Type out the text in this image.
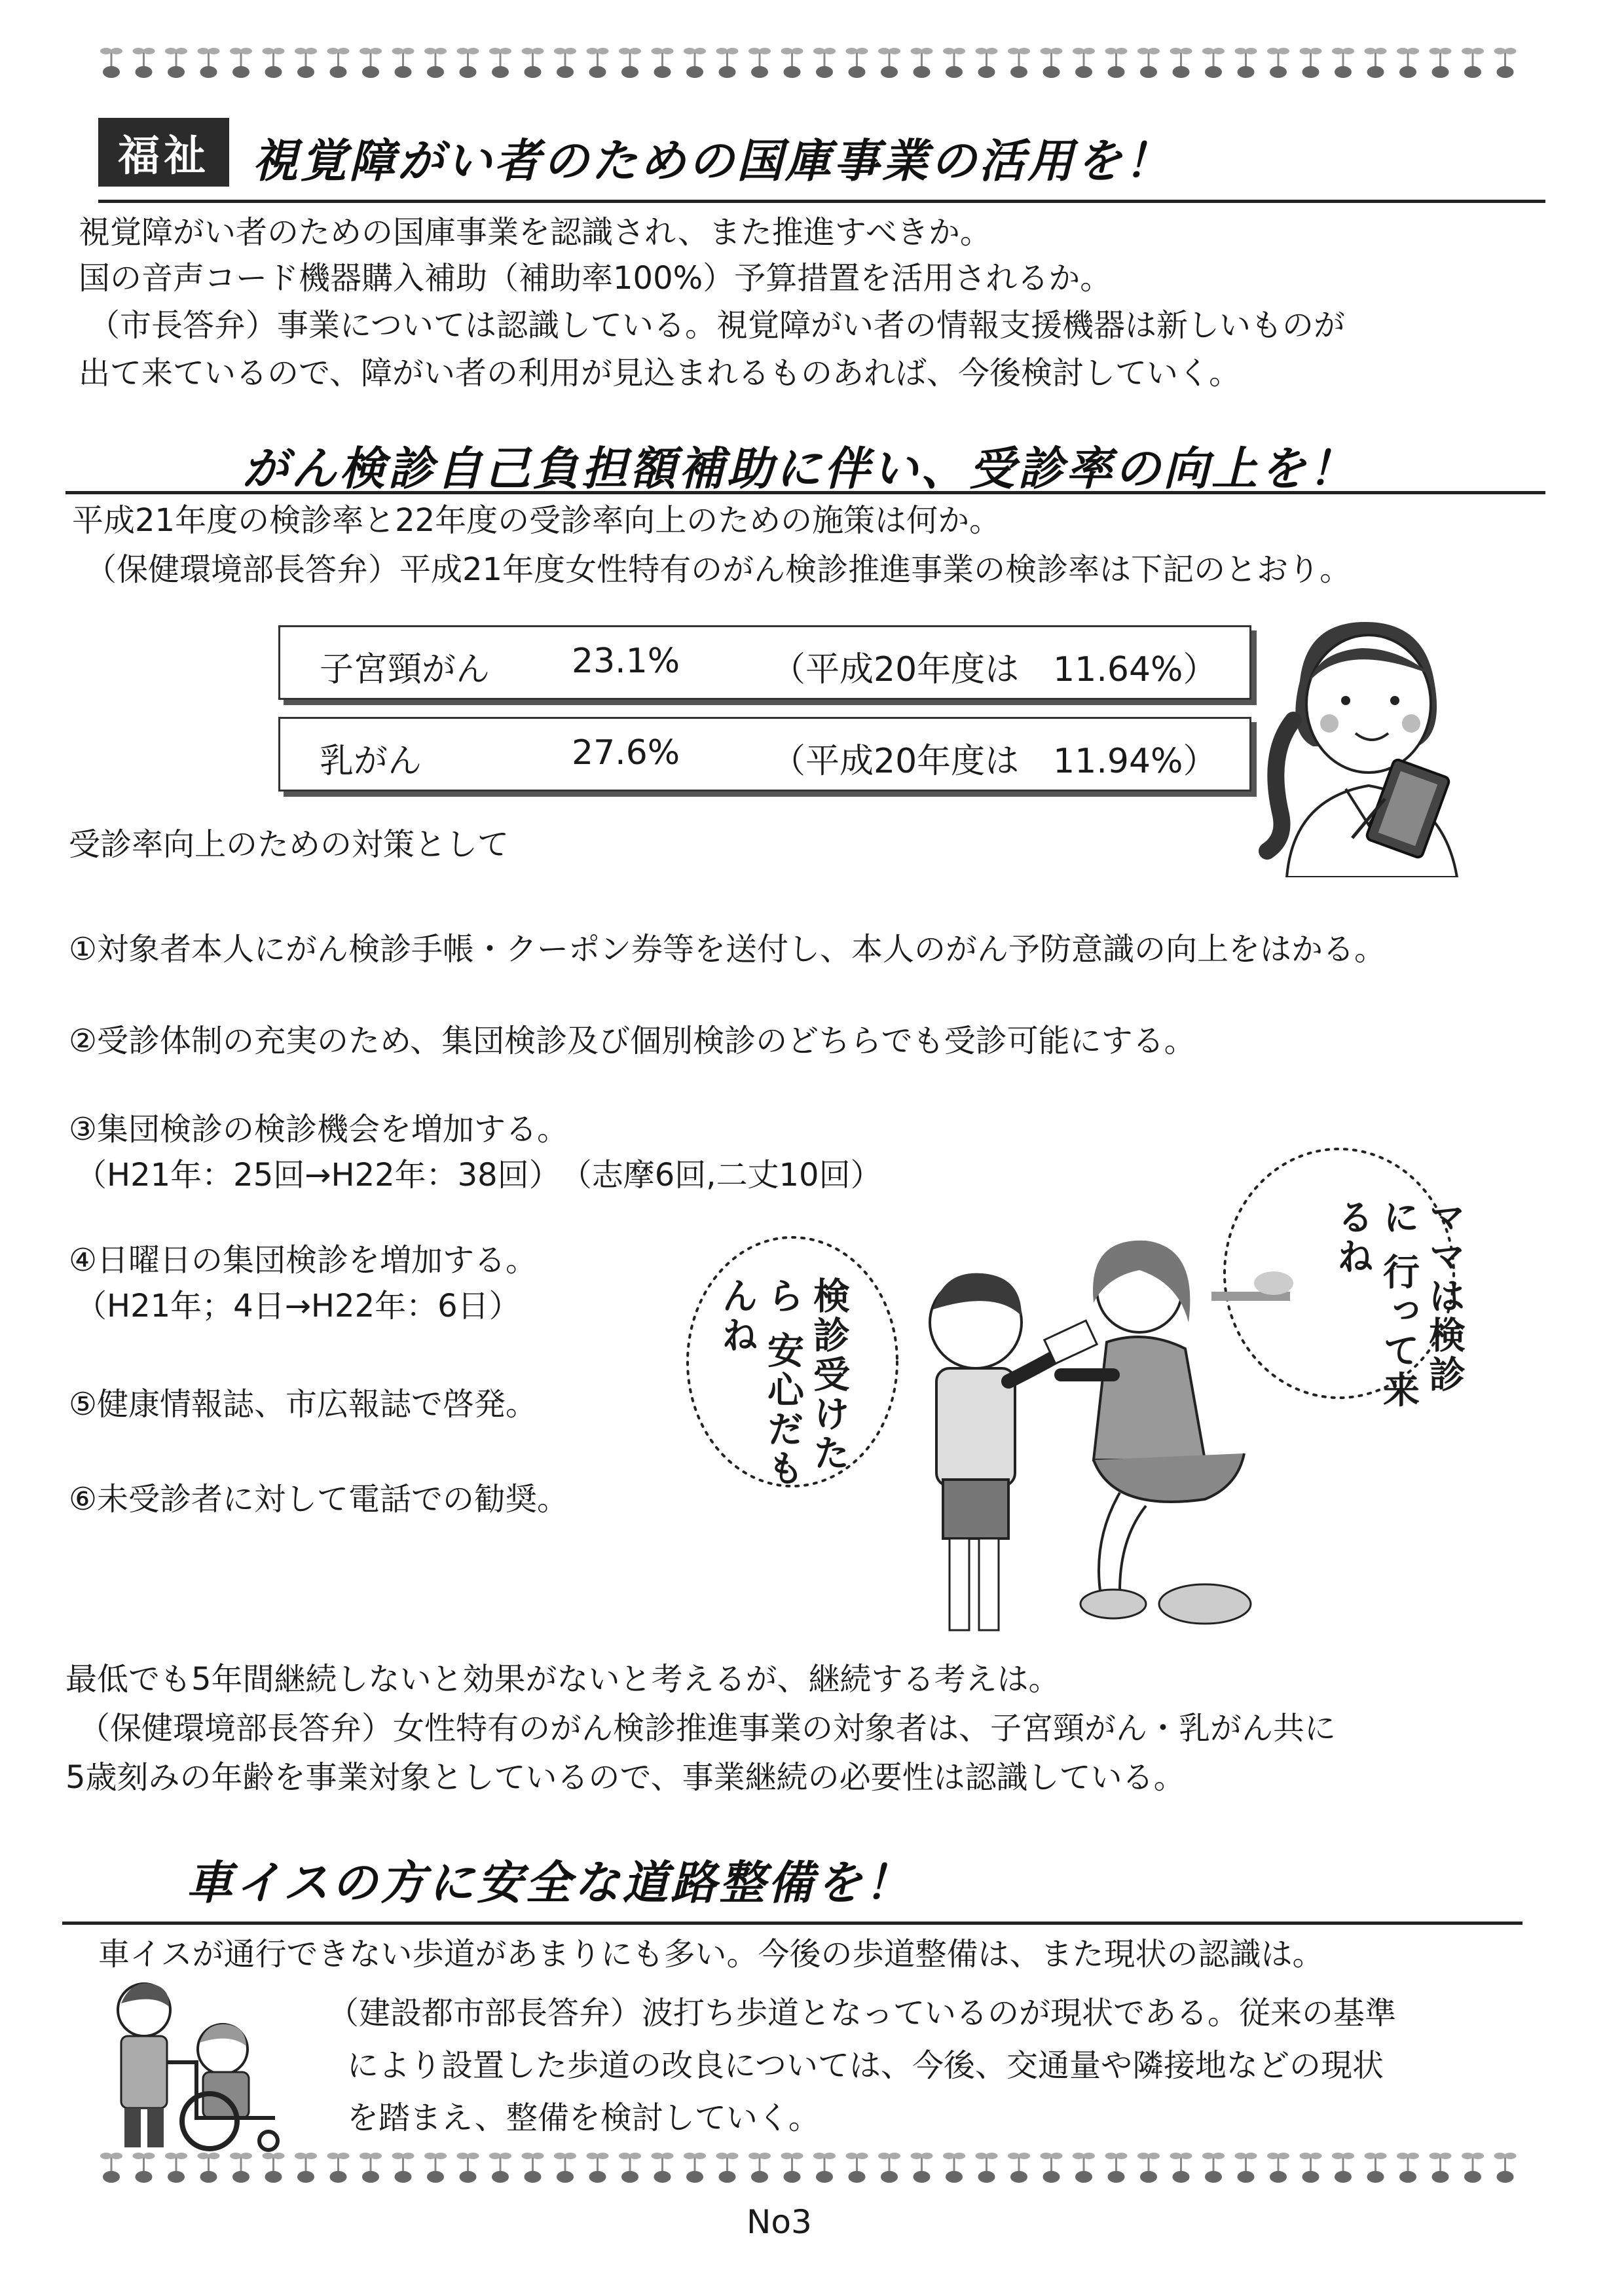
福祉 視覚障がい者のための国庫事業の活用を！
視覚障がい者のための国庫事業を認識され、また推進すべきか。
国の音声コード機器購入補助（補助率100%）予算措置を活用されるか。
（市長答弁）事業については認識している。視覚障がい者の情報支援機器は新しいものが
出て来ているので、障がい者の利用が見込まれるものあれば、今後検討していく。
がん検診自己負担額補助に伴い、受診率の向上を！
平成21年度の検診率と22年度の受診率向上のための施策は何か。
（保健環境部長答弁）平成21年度女性特有のがん検診推進事業の検診率は下記のとおり。
子宮頸がん 23.1%	（平成20年度は　11.64%）
乳がん	27.6%	（平成20年度は　11.94%）
受診率向上のための対策として
①対象者本人にがん検診手帳・クーポン券等を送付し、本人のがん予防意識の向上をはかる。
②受診体制の充実のため、集団検診及び個別検診のどちらでも受診可能にする。
③集団検診の検診機会を増加する。
（H21年：25回→H22年：38回）　（志摩6回,二丈10回）
④日曜日の集団検診を増加する。
（H21年；4日→H22年：6日）
⑤健康情報誌、市広報誌で啓発。
⑥未受診者に対して電話での勧奨。
検診受けたら 安心だもんね	ママは検診に 行って来るね
最低でも5年間継続しないと効果がないと考えるが、継続する考えは。
（保健環境部長答弁）女性特有のがん検診推進事業の対象者は、子宮頸がん・乳がん共に
5歳刻みの年齢を事業対象としているので、事業継続の必要性は認識している。
車イスの方に安全な道路整備を！
車イスが通行できない歩道があまりにも多い。今後の歩道整備は、また現状の認識は。
（建設都市部長答弁）波打ち歩道となっているのが現状である。従来の基準
により設置した歩道の改良については、今後、交通量や隣接地などの現状
を踏まえ、整備を検討していく。
No3
